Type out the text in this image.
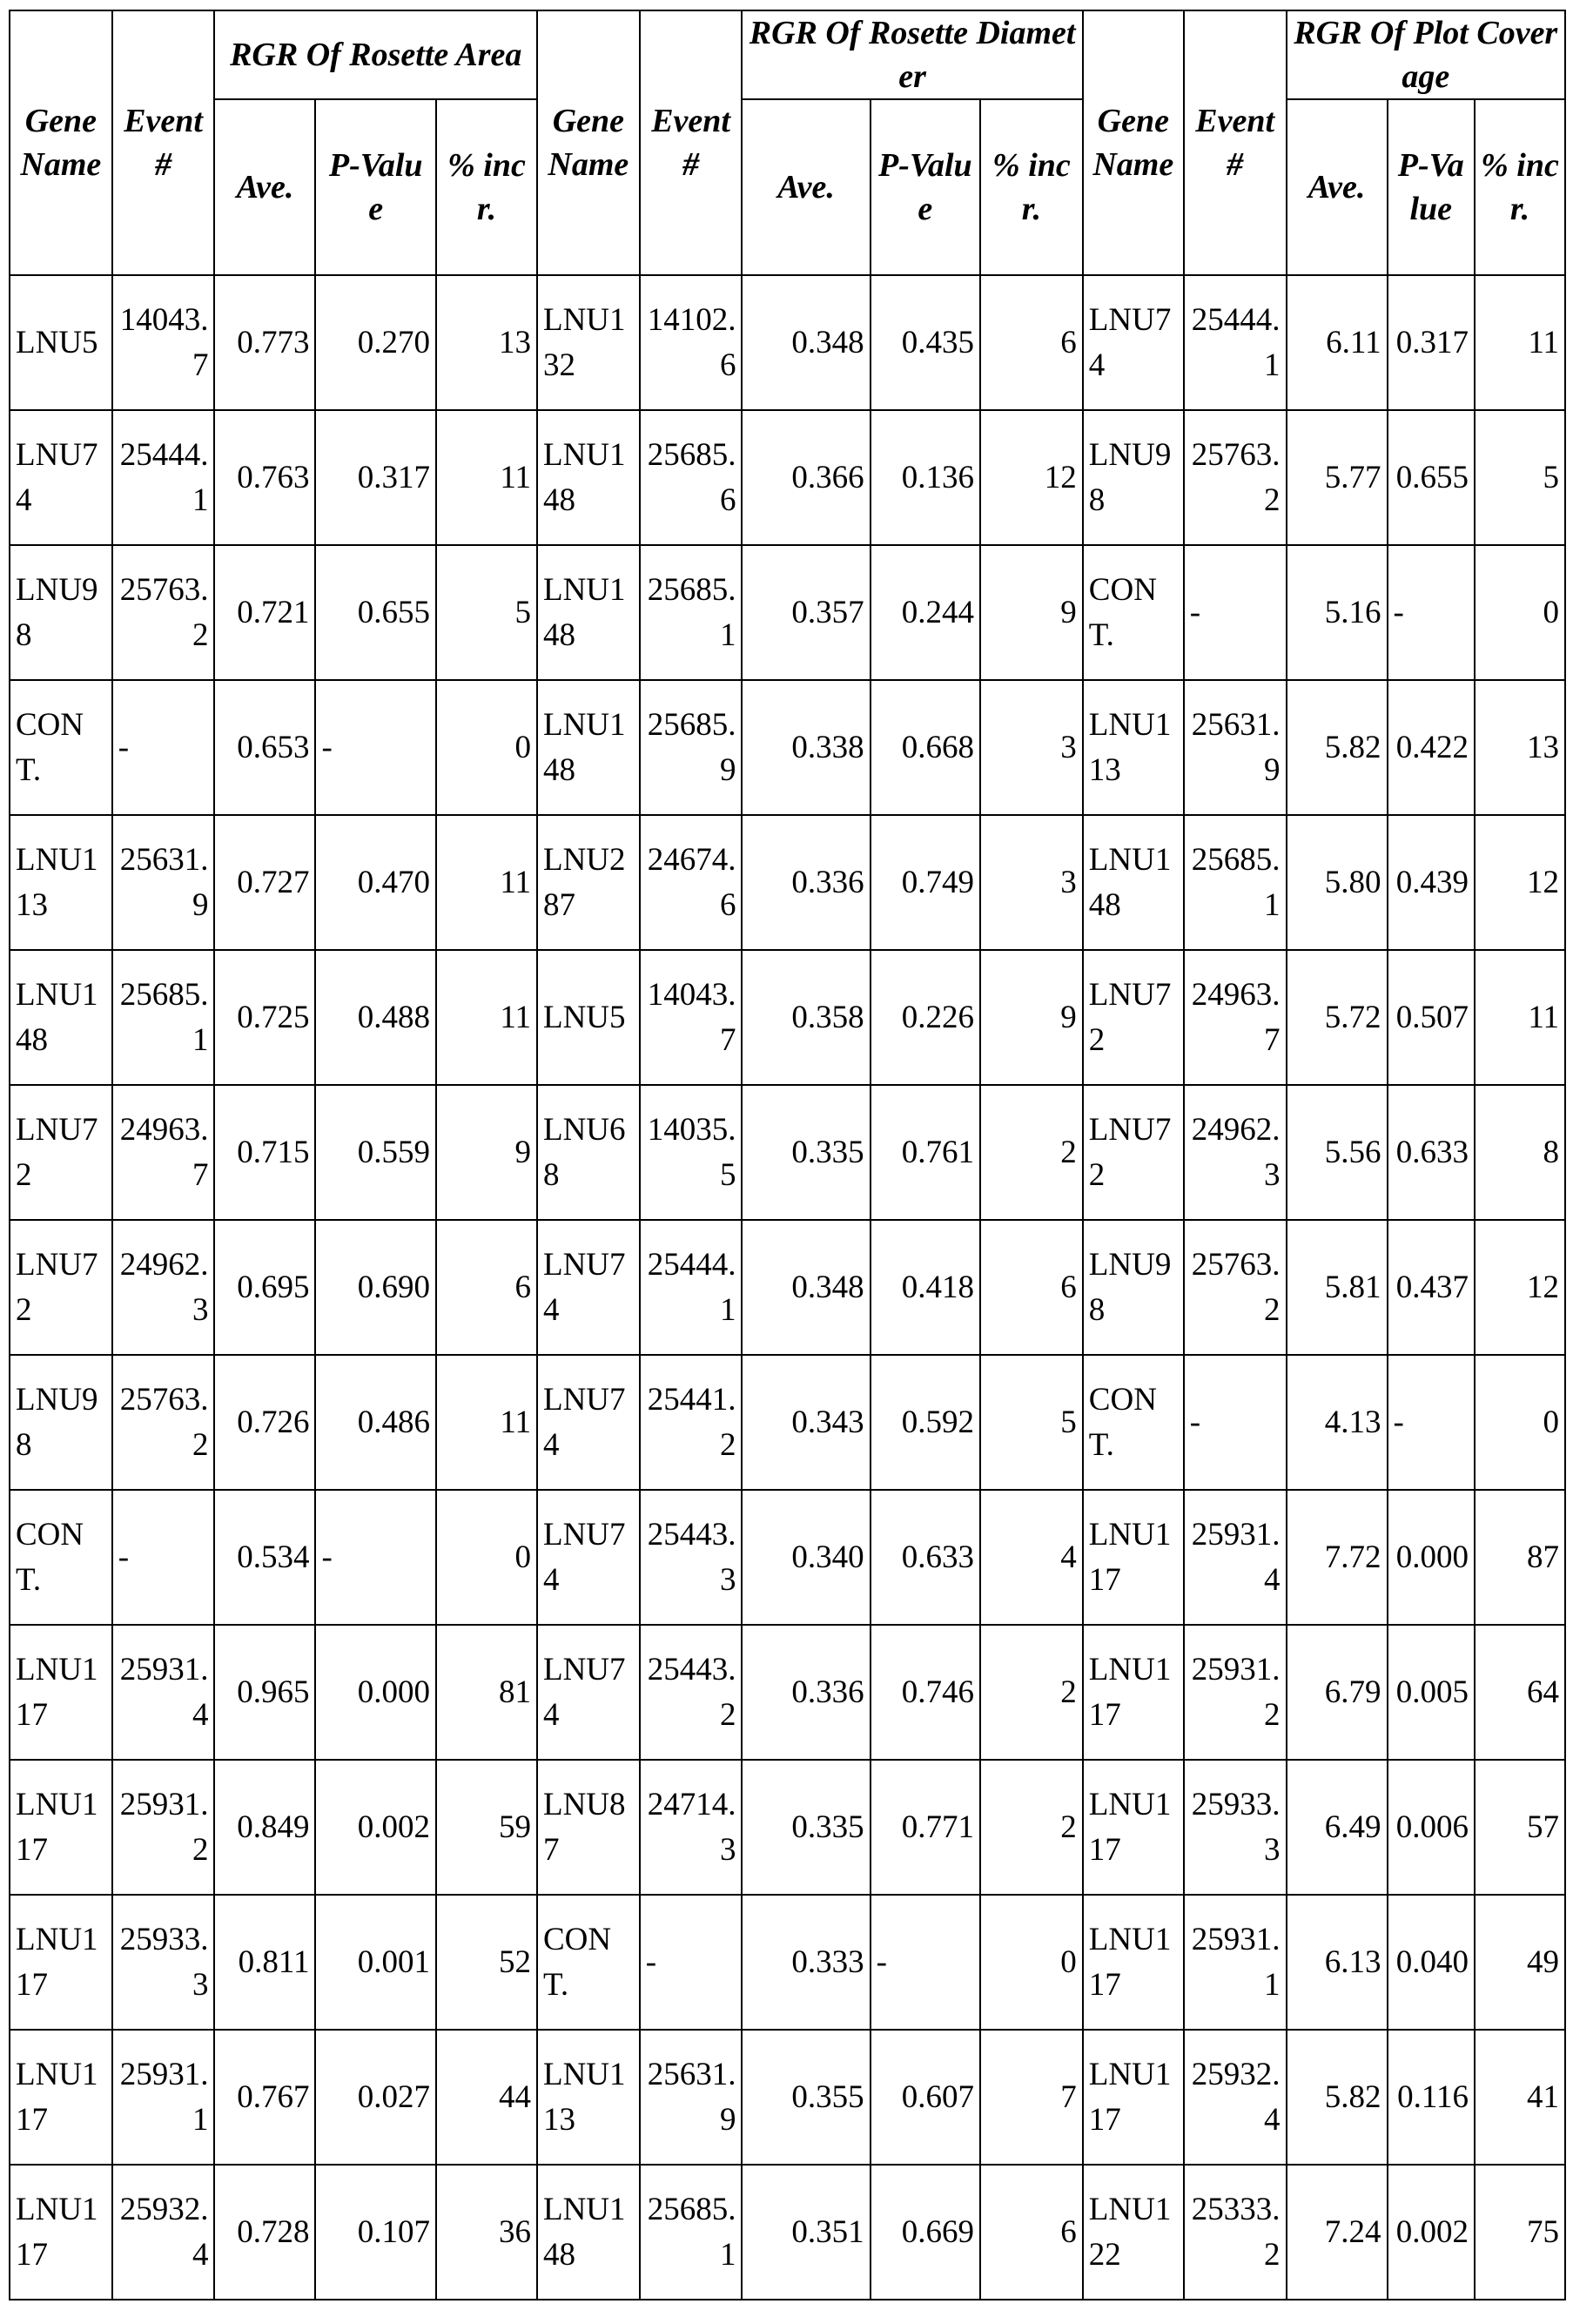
Gene Name	Event #	RGR Of Rosette Area			Gene Name	Event #	RGR Of Rosette Diameter			Gene Name	Event #	RGR Of Plot Coverage		
		Ave.	P-Value	% incr.			Ave.	P-Value	% incr.			Ave.	P-Value	% incr.
LNU5	14043.7	0.773	0.270	13	LNU132	14102.6	0.348	0.435	6	LNU74	25444.1	6.11	0.317	11
LNU74	25444.1	0.763	0.317	11	LNU148	25685.6	0.366	0.136	12	LNU98	25763.2	5.77	0.655	5
LNU98	25763.2	0.721	0.655	5	LNU148	25685.1	0.357	0.244	9	CONT.	-	5.16	-	0
CONT.	-	0.653	-	0	LNU148	25685.9	0.338	0.668	3	LNU113	25631.9	5.82	0.422	13
LNU113	25631.9	0.727	0.470	11	LNU287	24674.6	0.336	0.749	3	LNU148	25685.1	5.80	0.439	12
LNU148	25685.1	0.725	0.488	11	LNU5	14043.7	0.358	0.226	9	LNU72	24963.7	5.72	0.507	11
LNU72	24963.7	0.715	0.559	9	LNU68	14035.5	0.335	0.761	2	LNU72	24962.3	5.56	0.633	8
LNU72	24962.3	0.695	0.690	6	LNU74	25444.1	0.348	0.418	6	LNU98	25763.2	5.81	0.437	12
LNU98	25763.2	0.726	0.486	11	LNU74	25441.2	0.343	0.592	5	CONT.	-	4.13	-	0
CONT.	-	0.534	-	0	LNU74	25443.3	0.340	0.633	4	LNU117	25931.4	7.72	0.000	87
LNU117	25931.4	0.965	0.000	81	LNU74	25443.2	0.336	0.746	2	LNU117	25931.2	6.79	0.005	64
LNU117	25931.2	0.849	0.002	59	LNU87	24714.3	0.335	0.771	2	LNU117	25933.3	6.49	0.006	57
LNU117	25933.3	0.811	0.001	52	CONT.	-	0.333	-	0	LNU117	25931.1	6.13	0.040	49
LNU117	25931.1	0.767	0.027	44	LNU113	25631.9	0.355	0.607	7	LNU117	25932.4	5.82	0.116	41
LNU117	25932.4	0.728	0.107	36	LNU148	25685.1	0.351	0.669	6	LNU122	25333.2	7.24	0.002	75
